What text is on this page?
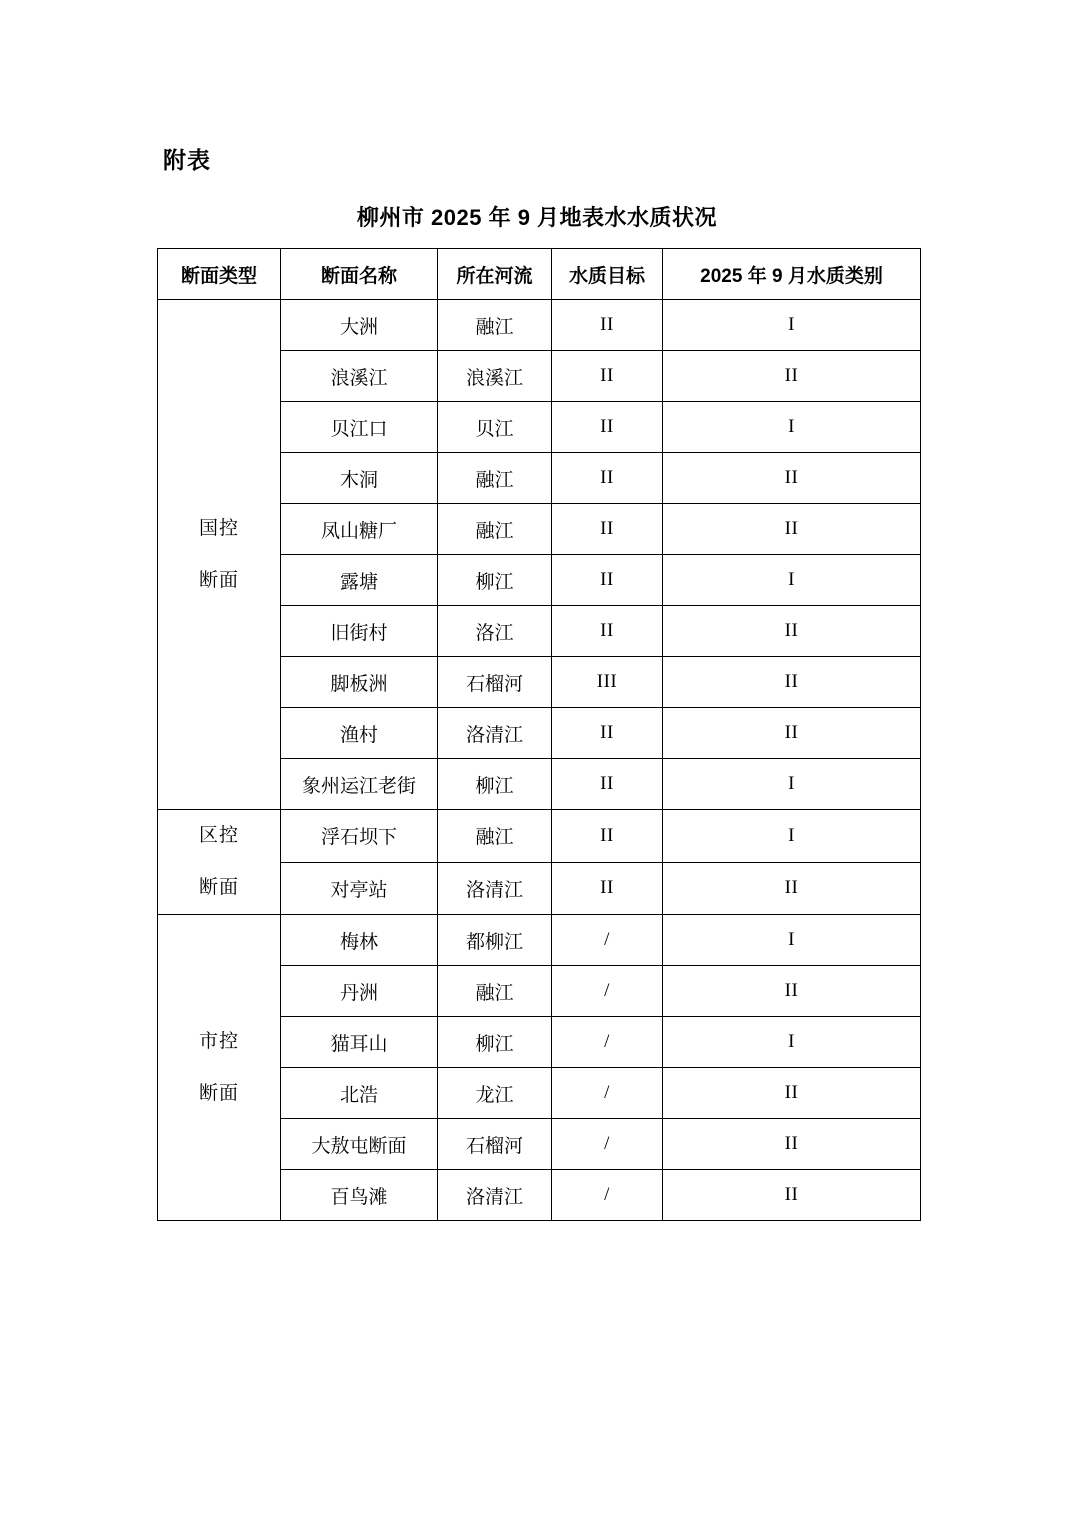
附表
柳州市 2025 年 9 月地表水水质状况
断面类型	断面名称	所在河流	水质目标	2025 年 9 月水质类别

国控
断面	大洲	融江	II	I
	浪溪江	浪溪江	II	II
	贝江口	贝江	II	I
	木洞	融江	II	II
	凤山糖厂	融江	II	II
	露塘	柳江	II	I
	旧街村	洛江	II	II
	脚板洲	石榴河	III	II
	渔村	洛清江	II	II
	象州运江老街	柳江	II	I

区控
断面	浮石坝下	融江	II	I
	对亭站	洛清江	II	II

市控
断面	梅林	都柳江	/	I
	丹洲	融江	/	II
	猫耳山	柳江	/	I
	北浩	龙江	/	II
	大敖屯断面	石榴河	/	II
	百鸟滩	洛清江	/	II
